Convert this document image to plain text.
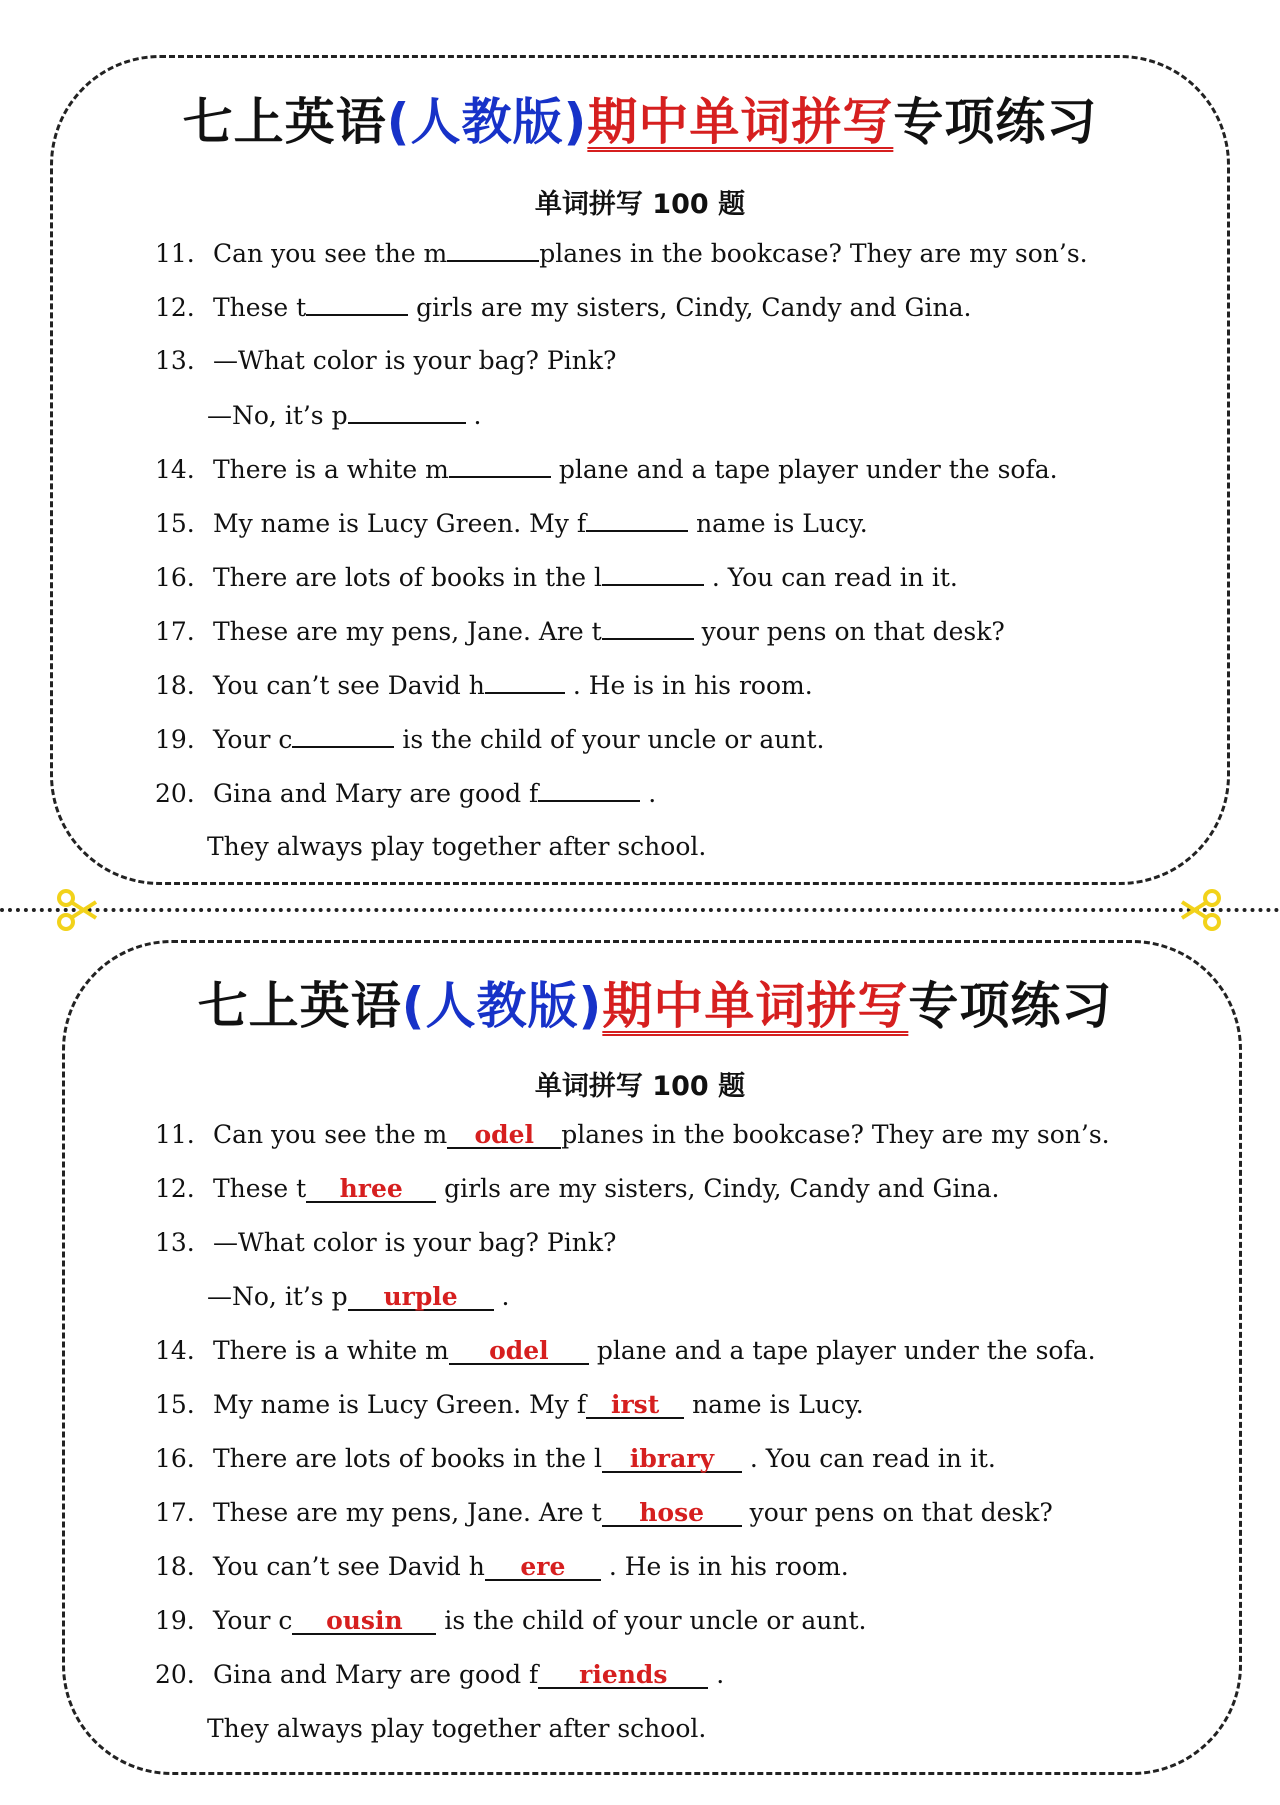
七上英语(人教版)期中单词拼写专项练习
单词拼写 100 题
11. Can you see the m	planes in the bookcase? They are my son’s.
12. These t	girls are my sisters, Cindy, Candy and Gina.
13. —What color is your bag? Pink?
—No, it’s p	.
14. There is a white m	plane and a tape player under the sofa.
15. My name is Lucy Green. My f	name is Lucy.
16. There are lots of books in the l	. You can read in it.
17. These are my pens, Jane. Are t	your pens on that desk?
18. You can’t see David h	. He is in his room.
19. Your c	is the child of your uncle or aunt.
20. Gina and Mary are good f	.
They always play together after school.
七上英语(人教版)期中单词拼写专项练习
单词拼写 100 题
11. Can you see the m odel planes in the bookcase? They are my son’s.
12. These t hree girls are my sisters, Cindy, Candy and Gina.
13. —What color is your bag? Pink?
—No, it’s p urple .
14. There is a white m odel plane and a tape player under the sofa.
15. My name is Lucy Green. My f irst name is Lucy.
16. There are lots of books in the l ibrary . You can read in it.
17. These are my pens, Jane. Are t hose your pens on that desk?
18. You can’t see David h ere . He is in his room.
19. Your c ousin is the child of your uncle or aunt.
20. Gina and Mary are good f riends .
They always play together after school.
